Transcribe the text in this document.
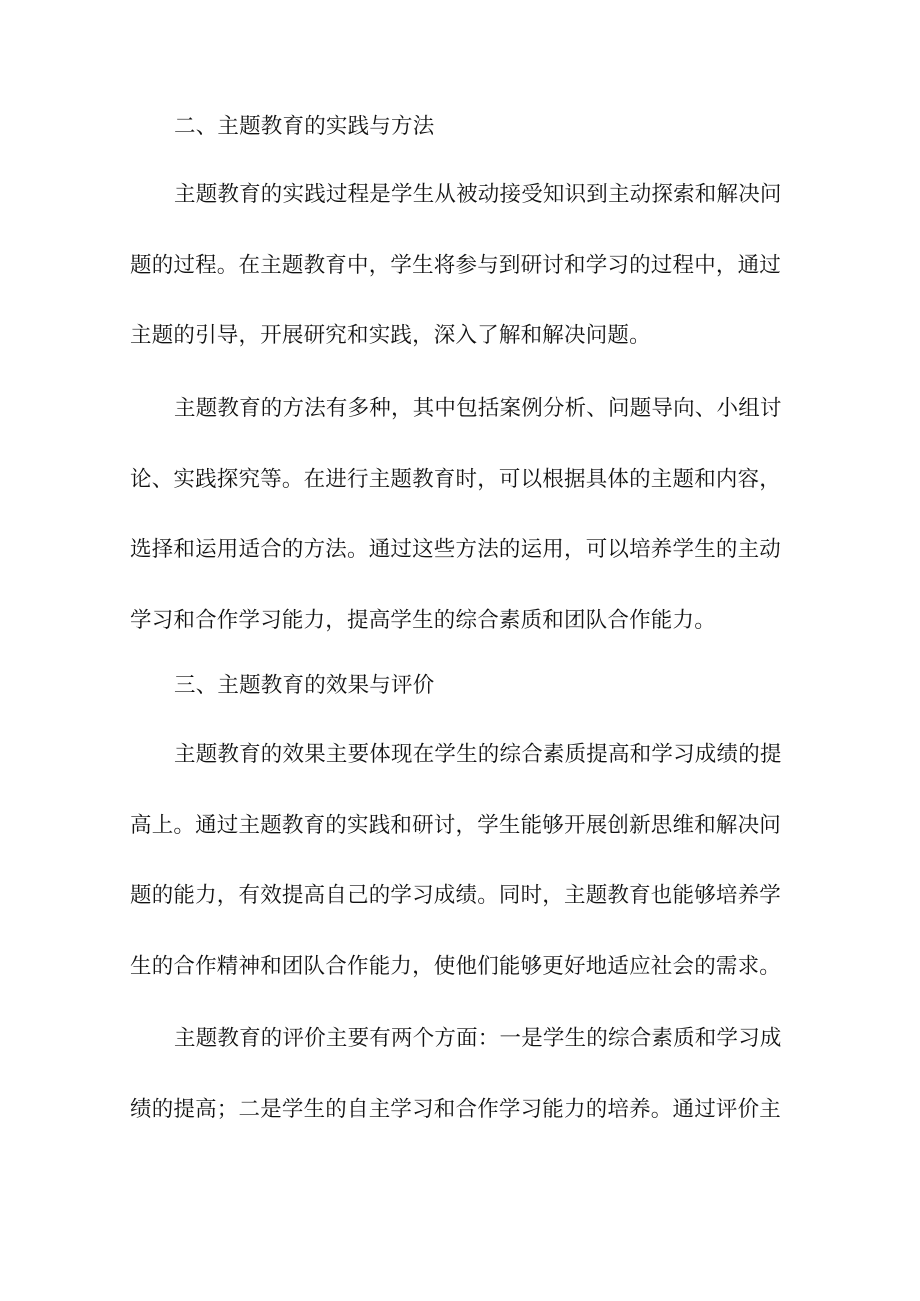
二、主题教育的实践与方法
主题教育的实践过程是学生从被动接受知识到主动探索和解决问
题的过程。在主题教育中，学生将参与到研讨和学习的过程中，通过
主题的引导，开展研究和实践，深入了解和解决问题。
主题教育的方法有多种，其中包括案例分析、问题导向、小组讨
论、实践探究等。在进行主题教育时，可以根据具体的主题和内容，
选择和运用适合的方法。通过这些方法的运用，可以培养学生的主动
学习和合作学习能力，提高学生的综合素质和团队合作能力。
三、主题教育的效果与评价
主题教育的效果主要体现在学生的综合素质提高和学习成绩的提
高上。通过主题教育的实践和研讨，学生能够开展创新思维和解决问
题的能力，有效提高自己的学习成绩。同时，主题教育也能够培养学
生的合作精神和团队合作能力，使他们能够更好地适应社会的需求。
主题教育的评价主要有两个方面：一是学生的综合素质和学习成
绩的提高；二是学生的自主学习和合作学习能力的培养。通过评价主
